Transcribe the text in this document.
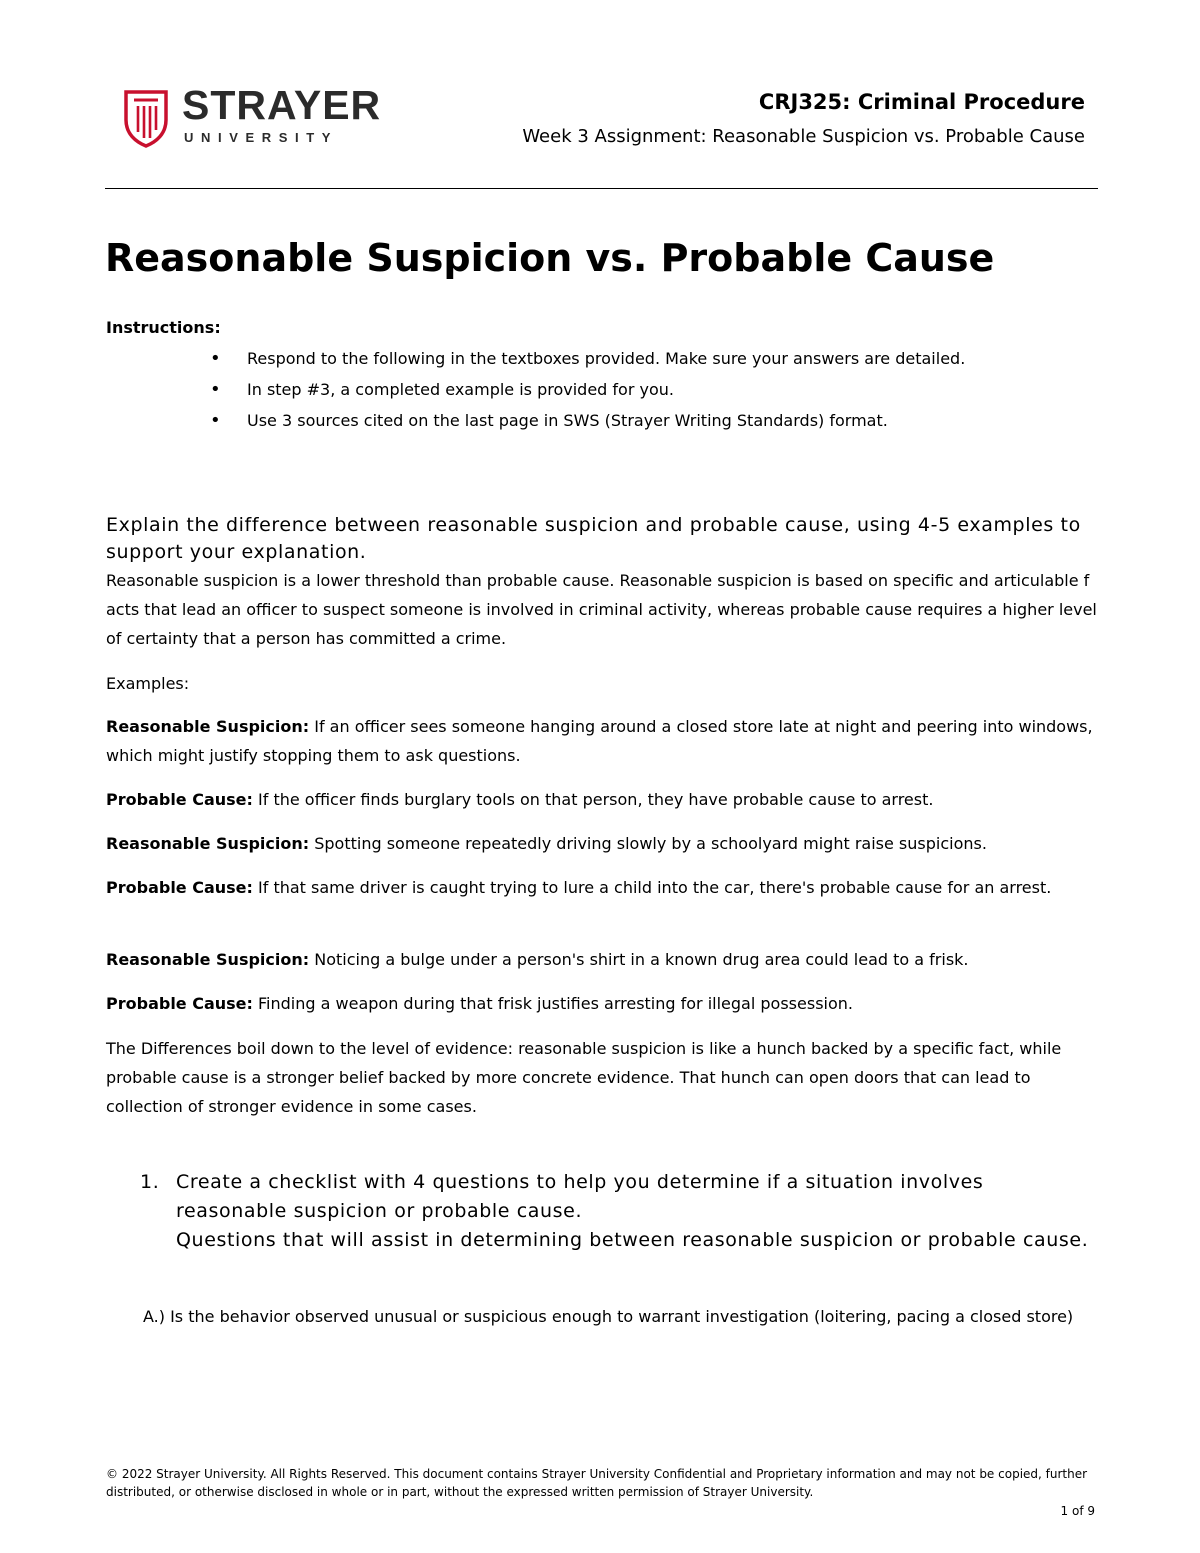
STRAYER
UNIVERSITY
CRJ325: Criminal Procedure
Week 3 Assignment: Reasonable Suspicion vs. Probable Cause
Reasonable Suspicion vs. Probable Cause
Instructions:
• Respond to the following in the textboxes provided. Make sure your answers are detailed.
• In step #3, a completed example is provided for you.
• Use 3 sources cited on the last page in SWS (Strayer Writing Standards) format.
Explain the difference between reasonable suspicion and probable cause, using 4-5 examples to support your explanation.

Reasonable suspicion is a lower threshold than probable cause. Reasonable suspicion is based on specific and articulable facts that lead an officer to suspect someone is involved in criminal activity, whereas probable cause requires a higher level of certainty that a person has committed a crime.

Examples:

Reasonable Suspicion: If an officer sees someone hanging around a closed store late at night and peering into windows, which might justify stopping them to ask questions.

Probable Cause: If the officer finds burglary tools on that person, they have probable cause to arrest.

Reasonable Suspicion: Spotting someone repeatedly driving slowly by a schoolyard might raise suspicions.

Probable Cause: If that same driver is caught trying to lure a child into the car, there's probable cause for an arrest.

Reasonable Suspicion: Noticing a bulge under a person's shirt in a known drug area could lead to a frisk.

Probable Cause: Finding a weapon during that frisk justifies arresting for illegal possession.

The Differences boil down to the level of evidence: reasonable suspicion is like a hunch backed by a specific fact, while probable cause is a stronger belief backed by more concrete evidence. That hunch can open doors that can lead to collection of stronger evidence in some cases.

1. Create a checklist with 4 questions to help you determine if a situation involves reasonable suspicion or probable cause.
Questions that will assist in determining between reasonable suspicion or probable cause.

A.) Is the behavior observed unusual or suspicious enough to warrant investigation (loitering, pacing a closed store)

© 2022 Strayer University. All Rights Reserved. This document contains Strayer University Confidential and Proprietary information and may not be copied, further distributed, or otherwise disclosed in whole or in part, without the expressed written permission of Strayer University.
1 of 9
